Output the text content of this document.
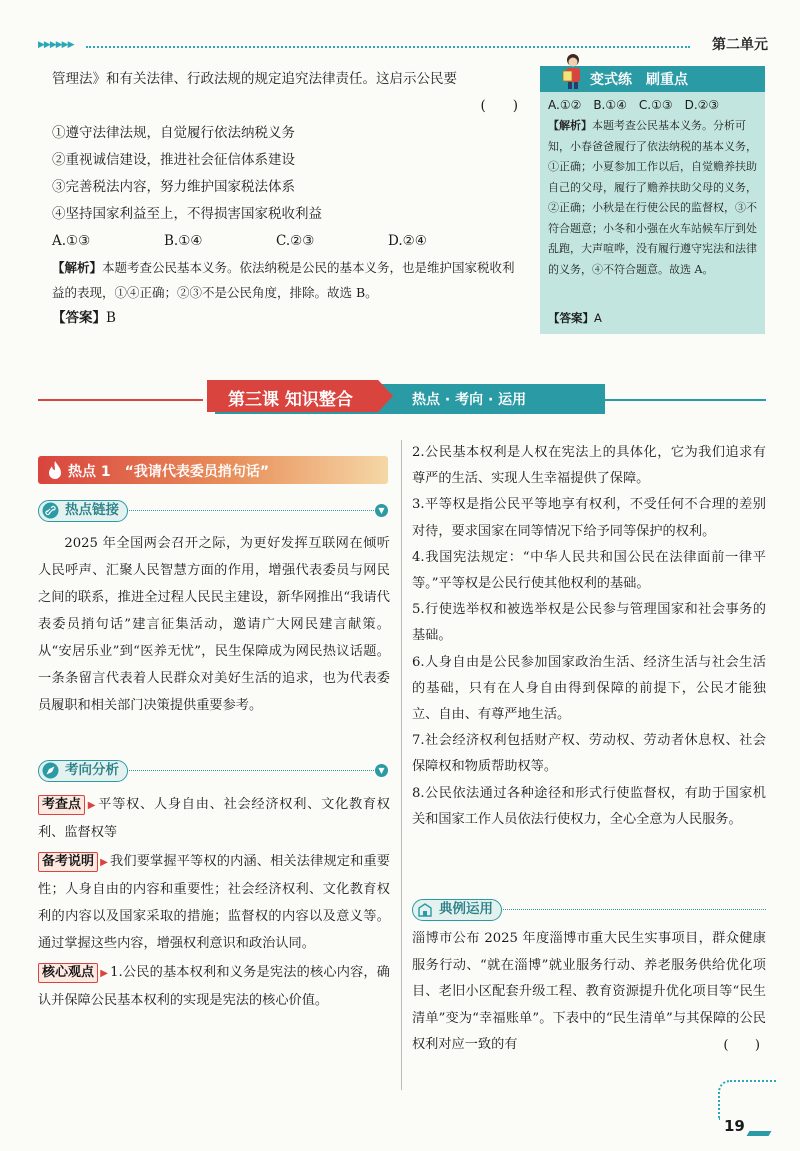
▶▶▶▶▶▶	第二单元

管理法》和有关法律、行政法规的规定追究法律责任。这启示公民要

(　　)

①遵守法律法规，自觉履行依法纳税义务

②重视诚信建设，推进社会征信体系建设

③完善税法内容，努力维护国家税法体系

④坚持国家利益至上，不得损害国家税收利益

A.①③	B.①④	C.②③	D.②④

【解析】本题考查公民基本义务。依法纳税是公民的基本义务，也是维护国家税收利益的表现，①④正确；②③不是公民角度，排除。故选 B。

【答案】B

变式练 刷重点
A.①②　B.①④　C.①③　D.②③
【解析】本题考查公民基本义务。分析可知，小春爸爸履行了依法纳税的基本义务，①正确；小夏参加工作以后，自觉赡养扶助自己的父母，履行了赡养扶助父母的义务，②正确；小秋是在行使公民的监督权，③不符合题意；小冬和小强在火车站候车厅到处乱跑，大声喧哗，没有履行遵守宪法和法律的义务，④不符合题意。故选 A。
【答案】A
第三课 知识整合	热点 · 考向 · 运用
热点 1　“我请代表委员捎句话”
热点链接	▼

2025 年全国两会召开之际，为更好发挥互联网在倾听人民呼声、汇聚人民智慧方面的作用，增强代表委员与网民之间的联系，推进全过程人民民主建设，新华网推出“我请代表委员捎句话”建言征集活动，邀请广大网民建言献策。从“安居乐业”到“医养无忧”，民生保障成为网民热议话题。一条条留言代表着人民群众对美好生活的追求，也为代表委员履职和相关部门决策提供重要参考。

考向分析	▼

考查点 ▶ 平等权、人身自由、社会经济权利、文化教育权利、监督权等

备考说明 ▶ 我们要掌握平等权的内涵、相关法律规定和重要性；人身自由的内容和重要性；社会经济权利、文化教育权利的内容以及国家采取的措施；监督权的内容以及意义等。通过掌握这些内容，增强权利意识和政治认同。

核心观点 ▶ 1.公民的基本权利和义务是宪法的核心内容，确认并保障公民基本权利的实现是宪法的核心价值。

2.公民基本权利是人权在宪法上的具体化，它为我们追求有尊严的生活、实现人生幸福提供了保障。

3.平等权是指公民平等地享有权利，不受任何不合理的差别对待，要求国家在同等情况下给予同等保护的权利。

4.我国宪法规定：“中华人民共和国公民在法律面前一律平等。”平等权是公民行使其他权利的基础。

5.行使选举权和被选举权是公民参与管理国家和社会事务的基础。

6.人身自由是公民参加国家政治生活、经济生活与社会生活的基础，只有在人身自由得到保障的前提下，公民才能独立、自由、有尊严地生活。

7.社会经济权利包括财产权、劳动权、劳动者休息权、社会保障权和物质帮助权等。

8.公民依法通过各种途径和形式行使监督权，有助于国家机关和国家工作人员依法行使权力，全心全意为人民服务。

典例运用

淄博市公布 2025 年度淄博市重大民生实事项目，群众健康服务行动、“就在淄博”就业服务行动、养老服务供给优化项目、老旧小区配套升级工程、教育资源提升优化项目等“民生清单”变为“幸福账单”。下表中的“民生清单”与其保障的公民权利对应一致的有	(　　)

19
